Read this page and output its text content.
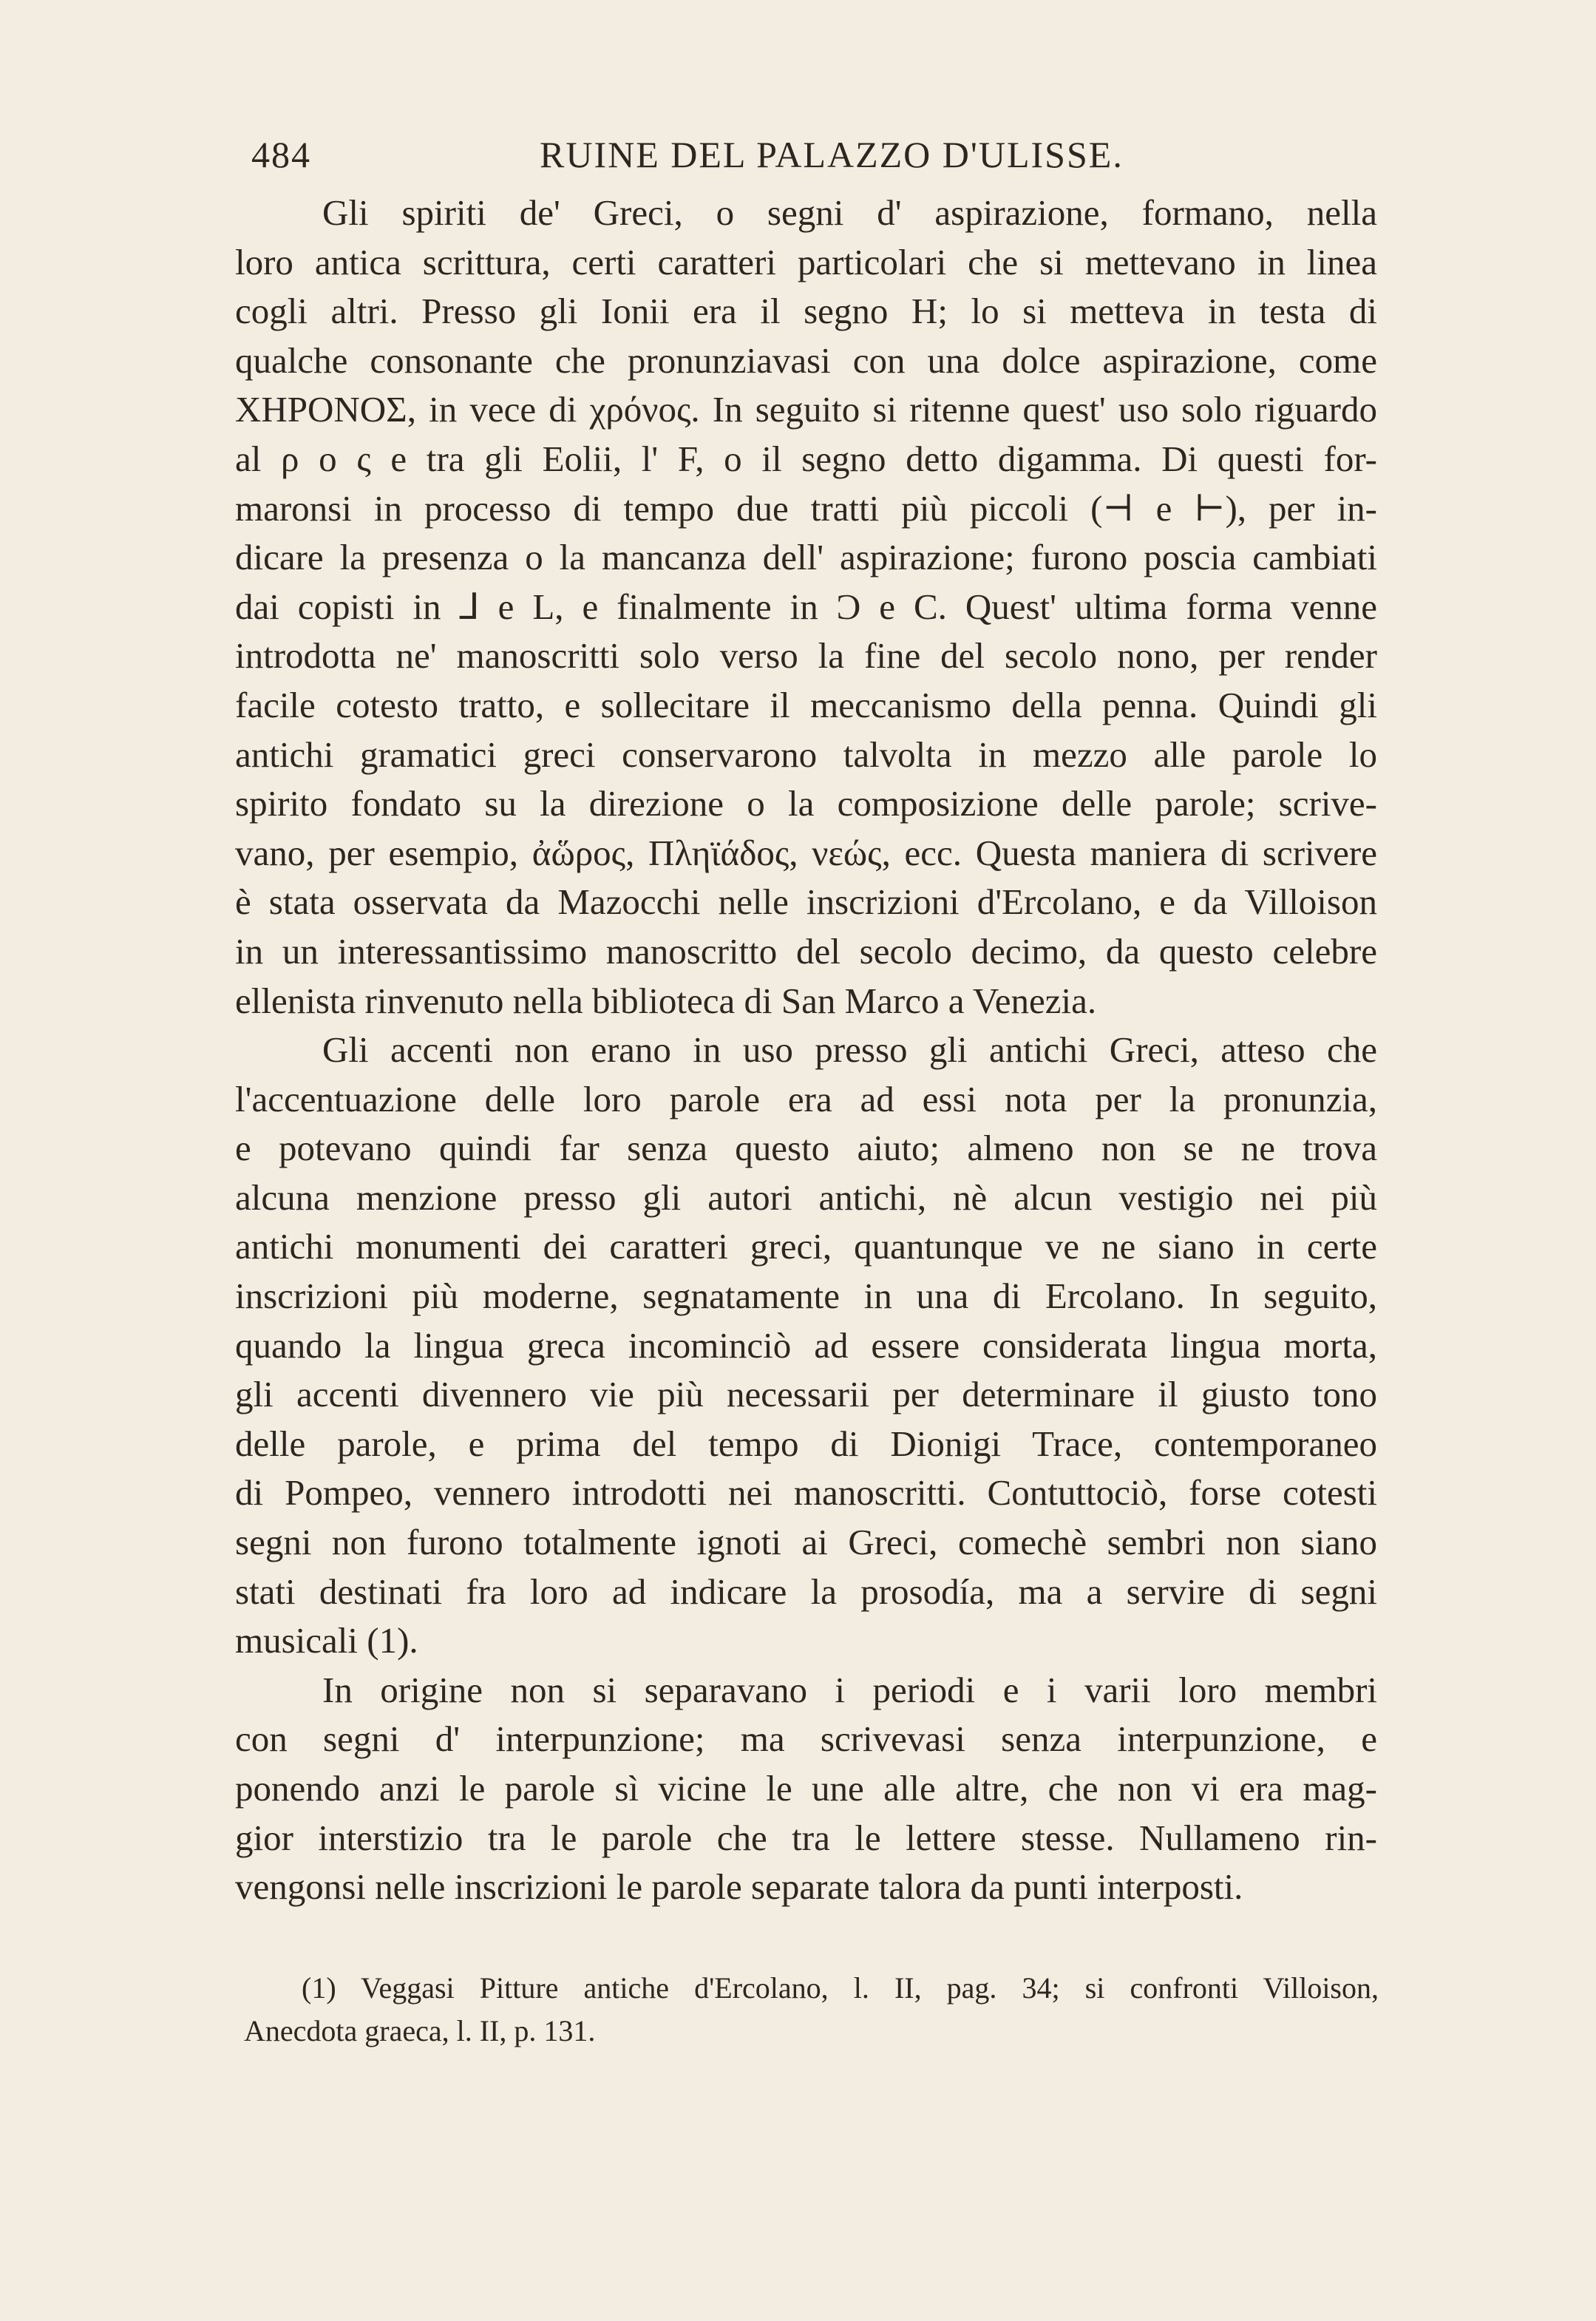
484	RUINE DEL PALAZZO D'ULISSE.

Gli spiriti de' Greci, o segni d' aspirazione, formano, nella
loro antica scrittura, certi caratteri particolari che si mettevano in linea
cogli altri. Presso gli Ionii era il segno H; lo si metteva in testa di
qualche consonante che pronunziavasi con una dolce aspirazione, come
ΧΗΡΟΝΟΣ, in vece di χρόνος. In seguito si ritenne quest' uso solo riguardo
al ρ o ς e tra gli Eolii, l' F, o il segno detto digamma. Di questi for-
maronsi in processo di tempo due tratti più piccoli (⊣ e ⊢), per in-
dicare la presenza o la mancanza dell' aspirazione; furono poscia cambiati
dai copisti in ⅃ e L, e finalmente in Ͻ e C. Quest' ultima forma venne
introdotta ne' manoscritti solo verso la fine del secolo nono, per render
facile cotesto tratto, e sollecitare il meccanismo della penna. Quindi gli
antichi gramatici greci conservarono talvolta in mezzo alle parole lo
spirito fondato su la direzione o la composizione delle parole; scrive-
vano, per esempio, ἀὥρος, Πληϊάδος, νεώς, ecc. Questa maniera di scrivere
è stata osservata da Mazocchi nelle inscrizioni d'Ercolano, e da Villoison
in un interessantissimo manoscritto del secolo decimo, da questo celebre
ellenista rinvenuto nella biblioteca di San Marco a Venezia.

Gli accenti non erano in uso presso gli antichi Greci, atteso che
l'accentuazione delle loro parole era ad essi nota per la pronunzia,
e potevano quindi far senza questo aiuto; almeno non se ne trova
alcuna menzione presso gli autori antichi, nè alcun vestigio nei più
antichi monumenti dei caratteri greci, quantunque ve ne siano in certe
inscrizioni più moderne, segnatamente in una di Ercolano. In seguito,
quando la lingua greca incominciò ad essere considerata lingua morta,
gli accenti divennero vie più necessarii per determinare il giusto tono
delle parole, e prima del tempo di Dionigi Trace, contemporaneo
di Pompeo, vennero introdotti nei manoscritti. Contuttociò, forse cotesti
segni non furono totalmente ignoti ai Greci, comechè sembri non siano
stati destinati fra loro ad indicare la prosodía, ma a servire di segni
musicali (1).

In origine non si separavano i periodi e i varii loro membri
con segni d' interpunzione; ma scrivevasi senza interpunzione, e
ponendo anzi le parole sì vicine le une alle altre, che non vi era mag-
gior interstizio tra le parole che tra le lettere stesse. Nullameno rin-
vengonsi nelle inscrizioni le parole separate talora da punti interposti.

(1) Veggasi Pitture antiche d'Ercolano, l. II, pag. 34; si confronti Villoison,
Anecdota graeca, l. II, p. 131.
